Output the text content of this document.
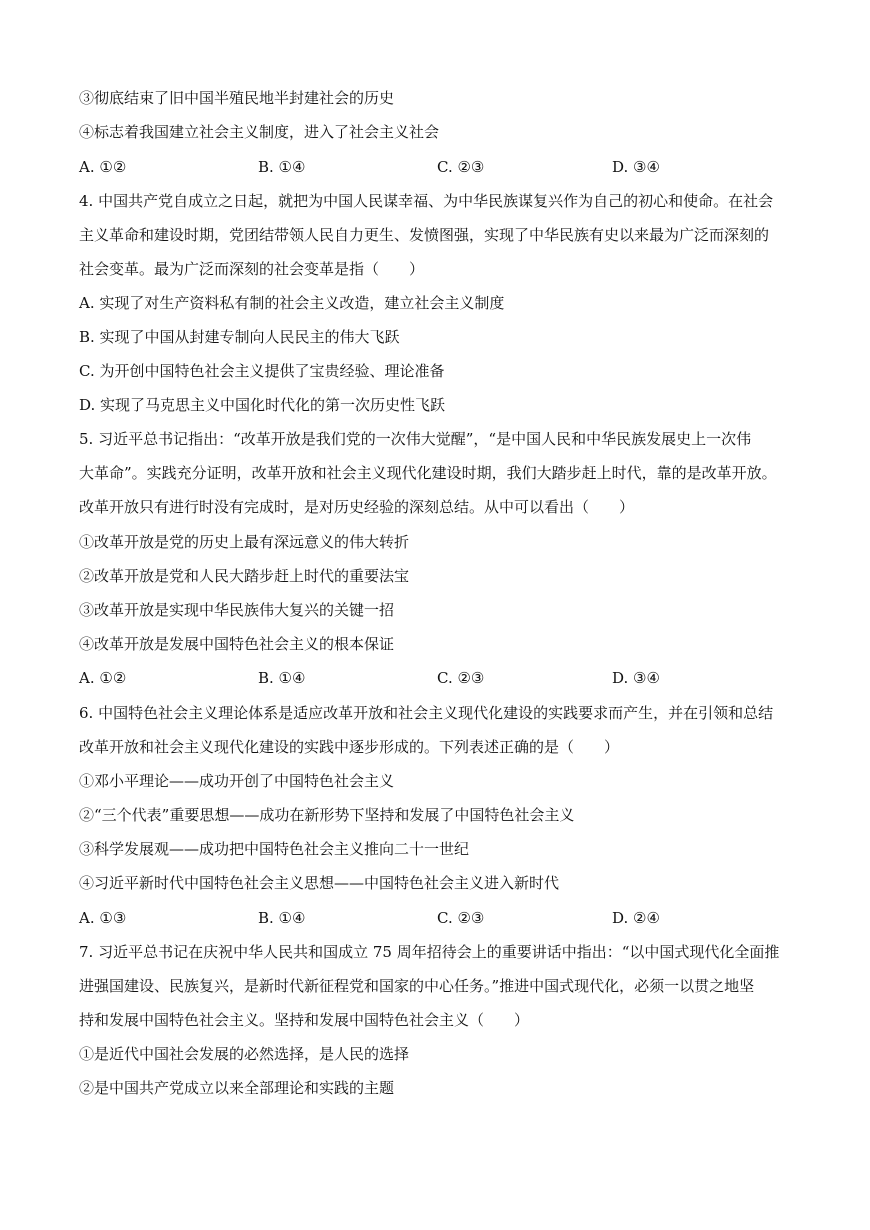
③彻底结束了旧中国半殖民地半封建社会的历史
④标志着我国建立社会主义制度，进入了社会主义社会
A. ①②	B. ①④	C. ②③	D. ③④
4. 中国共产党自成立之日起，就把为中国人民谋幸福、为中华民族谋复兴作为自己的初心和使命。在社会
主义革命和建设时期，党团结带领人民自力更生、发愤图强，实现了中华民族有史以来最为广泛而深刻的
社会变革。最为广泛而深刻的社会变革是指（　　）
A. 实现了对生产资料私有制的社会主义改造，建立社会主义制度
B. 实现了中国从封建专制向人民民主的伟大飞跃
C. 为开创中国特色社会主义提供了宝贵经验、理论准备
D. 实现了马克思主义中国化时代化的第一次历史性飞跃
5. 习近平总书记指出：“改革开放是我们党的一次伟大觉醒”，“是中国人民和中华民族发展史上一次伟
大革命”。实践充分证明，改革开放和社会主义现代化建设时期，我们大踏步赶上时代，靠的是改革开放。
改革开放只有进行时没有完成时，是对历史经验的深刻总结。从中可以看出（　　）
①改革开放是党的历史上最有深远意义的伟大转折
②改革开放是党和人民大踏步赶上时代的重要法宝
③改革开放是实现中华民族伟大复兴的关键一招
④改革开放是发展中国特色社会主义的根本保证
A. ①②	B. ①④	C. ②③	D. ③④
6. 中国特色社会主义理论体系是适应改革开放和社会主义现代化建设的实践要求而产生，并在引领和总结
改革开放和社会主义现代化建设的实践中逐步形成的。下列表述正确的是（　　）
①邓小平理论——成功开创了中国特色社会主义
②“三个代表”重要思想——成功在新形势下坚持和发展了中国特色社会主义
③科学发展观——成功把中国特色社会主义推向二十一世纪
④习近平新时代中国特色社会主义思想——中国特色社会主义进入新时代
A. ①③	B. ①④	C. ②③	D. ②④
7. 习近平总书记在庆祝中华人民共和国成立 75 周年招待会上的重要讲话中指出：“以中国式现代化全面推
进强国建设、民族复兴，是新时代新征程党和国家的中心任务。”推进中国式现代化，必须一以贯之地坚
持和发展中国特色社会主义。坚持和发展中国特色社会主义（　　）
①是近代中国社会发展的必然选择，是人民的选择
②是中国共产党成立以来全部理论和实践的主题
